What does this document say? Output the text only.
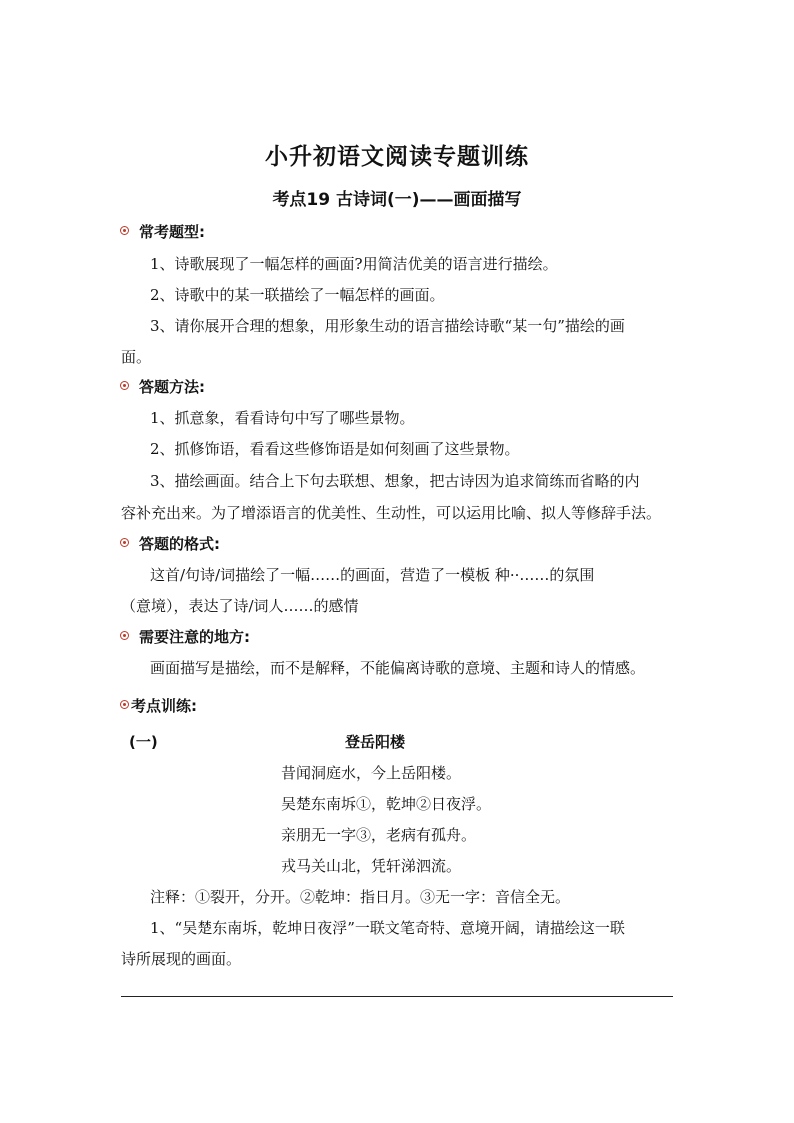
小升初语文阅读专题训练
考点19 古诗词(一)——画面描写
常考题型:
1、诗歌展现了一幅怎样的画面?用简洁优美的语言进行描绘。
2、诗歌中的某一联描绘了一幅怎样的画面。
3、请你展开合理的想象，用形象生动的语言描绘诗歌“某一句”描绘的画
面。
答题方法:
1、抓意象，看看诗句中写了哪些景物。
2、抓修饰语，看看这些修饰语是如何刻画了这些景物。
3、描绘画面。结合上下句去联想、想象，把古诗因为追求简练而省略的内
容补充出来。为了增添语言的优美性、生动性，可以运用比喻、拟人等修辞手法。
答题的格式:
这首/句诗/词描绘了一幅……的画面，营造了一模板 种··……的氛围
（意境），表达了诗/词人……的感情
需要注意的地方:
画面描写是描绘，而不是解释，不能偏离诗歌的意境、主题和诗人的情感。
考点训练:
(一)	登岳阳楼
昔闻洞庭水，今上岳阳楼。
吴楚东南坼①，乾坤②日夜浮。
亲朋无一字③，老病有孤舟。
戎马关山北，凭轩涕泗流。
注释：①裂开，分开。②乾坤：指日月。③无一字：音信全无。
1、“吴楚东南坼，乾坤日夜浮”一联文笔奇特、意境开阔，请描绘这一联
诗所展现的画面。
